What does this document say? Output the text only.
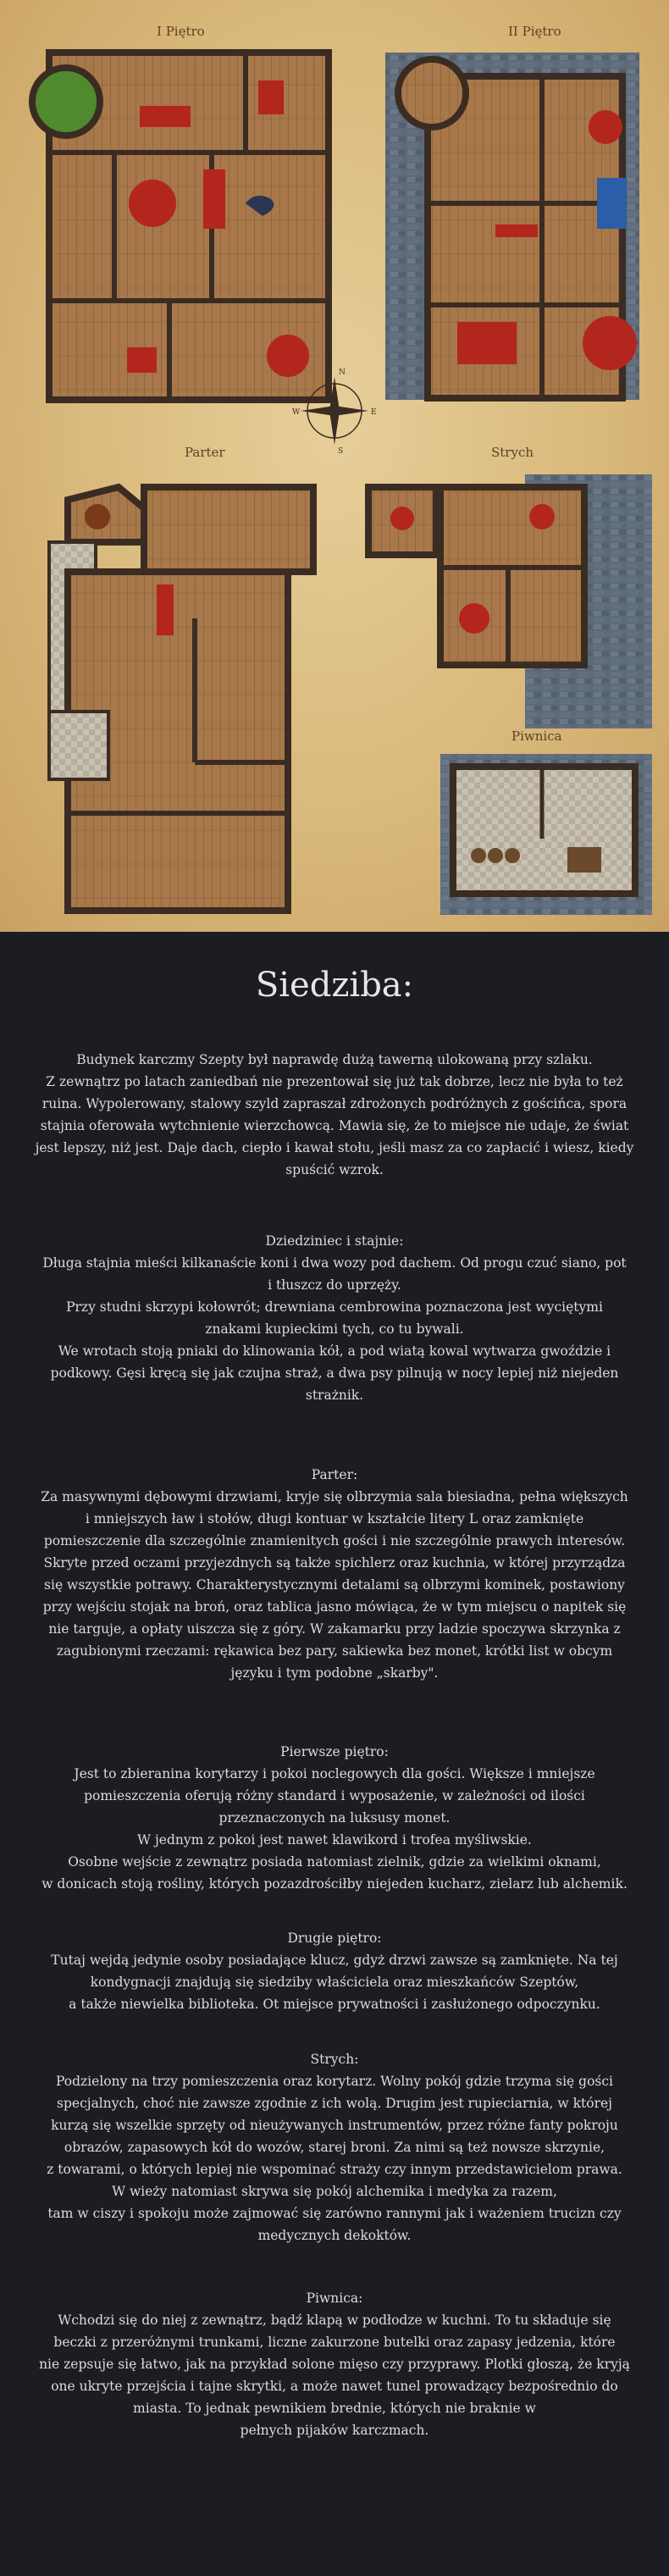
N
S
E
W
I Piętro	II Piętro
Parter	Strych
Piwnica
Siedziba:

Budynek karczmy Szepty był naprawdę dużą tawerną ulokowaną przy szlaku.

Z zewnątrz po latach zaniedbań nie prezentował się już tak dobrze, lecz nie była to też

ruina. Wypolerowany, stalowy szyld zapraszał zdrożonych podróżnych z gościńca, spora

stajnia oferowała wytchnienie wierzchowcą. Mawia się, że to miejsce nie udaje, że świat

jest lepszy, niż jest. Daje dach, ciepło i kawał stołu, jeśli masz za co zapłacić i wiesz, kiedy

spuścić wzrok.

Dziedziniec i stajnie:

Długa stajnia mieści kilkanaście koni i dwa wozy pod dachem. Od progu czuć siano, pot

i tłuszcz do uprzęży.

Przy studni skrzypi kołowrót; drewniana cembrowina poznaczona jest wyciętymi

znakami kupieckimi tych, co tu bywali.

We wrotach stoją pniaki do klinowania kół, a pod wiatą kowal wytwarza gwoździe i

podkowy. Gęsi kręcą się jak czujna straż, a dwa psy pilnują w nocy lepiej niż niejeden

strażnik.

Parter:

Za masywnymi dębowymi drzwiami, kryje się olbrzymia sala biesiadna, pełna większych

i mniejszych ław i stołów, długi kontuar w kształcie litery L oraz zamknięte

pomieszczenie dla szczególnie znamienitych gości i nie szczególnie prawych interesów.

Skryte przed oczami przyjezdnych są także spichlerz oraz kuchnia, w której przyrządza

się wszystkie potrawy. Charakterystycznymi detalami są olbrzymi kominek, postawiony

przy wejściu stojak na broń, oraz tablica jasno mówiąca, że w tym miejscu o napitek się

nie targuje, a opłaty uiszcza się z góry. W zakamarku przy ladzie spoczywa skrzynka z

zagubionymi rzeczami: rękawica bez pary, sakiewka bez monet, krótki list w obcym

języku i tym podobne „skarby".

Pierwsze piętro:

Jest to zbieranina korytarzy i pokoi noclegowych dla gości. Większe i mniejsze

pomieszczenia oferują różny standard i wyposażenie, w zależności od ilości

przeznaczonych na luksusy monet.

W jednym z pokoi jest nawet klawikord i trofea myśliwskie.

Osobne wejście z zewnątrz posiada natomiast zielnik, gdzie za wielkimi oknami,

w donicach stoją rośliny, których pozazdrościłby niejeden kucharz, zielarz lub alchemik.

Drugie piętro:

Tutaj wejdą jedynie osoby posiadające klucz, gdyż drzwi zawsze są zamknięte. Na tej

kondygnacji znajdują się siedziby właściciela oraz mieszkańców Szeptów,

a także niewielka biblioteka. Ot miejsce prywatności i zasłużonego odpoczynku.

Strych:

Podzielony na trzy pomieszczenia oraz korytarz. Wolny pokój gdzie trzyma się gości

specjalnych, choć nie zawsze zgodnie z ich wolą. Drugim jest rupieciarnia, w której

kurzą się wszelkie sprzęty od nieużywanych instrumentów, przez różne fanty pokroju

obrazów, zapasowych kół do wozów, starej broni. Za nimi są też nowsze skrzynie,

z towarami, o których lepiej nie wspominać straży czy innym przedstawicielom prawa.

W wieży natomiast skrywa się pokój alchemika i medyka za razem,

tam w ciszy i spokoju może zajmować się zarówno rannymi jak i ważeniem trucizn czy

medycznych dekoktów.

Piwnica:

Wchodzi się do niej z zewnątrz, bądź klapą w podłodze w kuchni. To tu składuje się

beczki z przeróżnymi trunkami, liczne zakurzone butelki oraz zapasy jedzenia, które

nie zepsuje się łatwo, jak na przykład solone mięso czy przyprawy. Plotki głoszą, że kryją

one ukryte przejścia i tajne skrytki, a może nawet tunel prowadzący bezpośrednio do

miasta. To jednak pewnikiem brednie, których nie braknie w

pełnych pijaków karczmach.
